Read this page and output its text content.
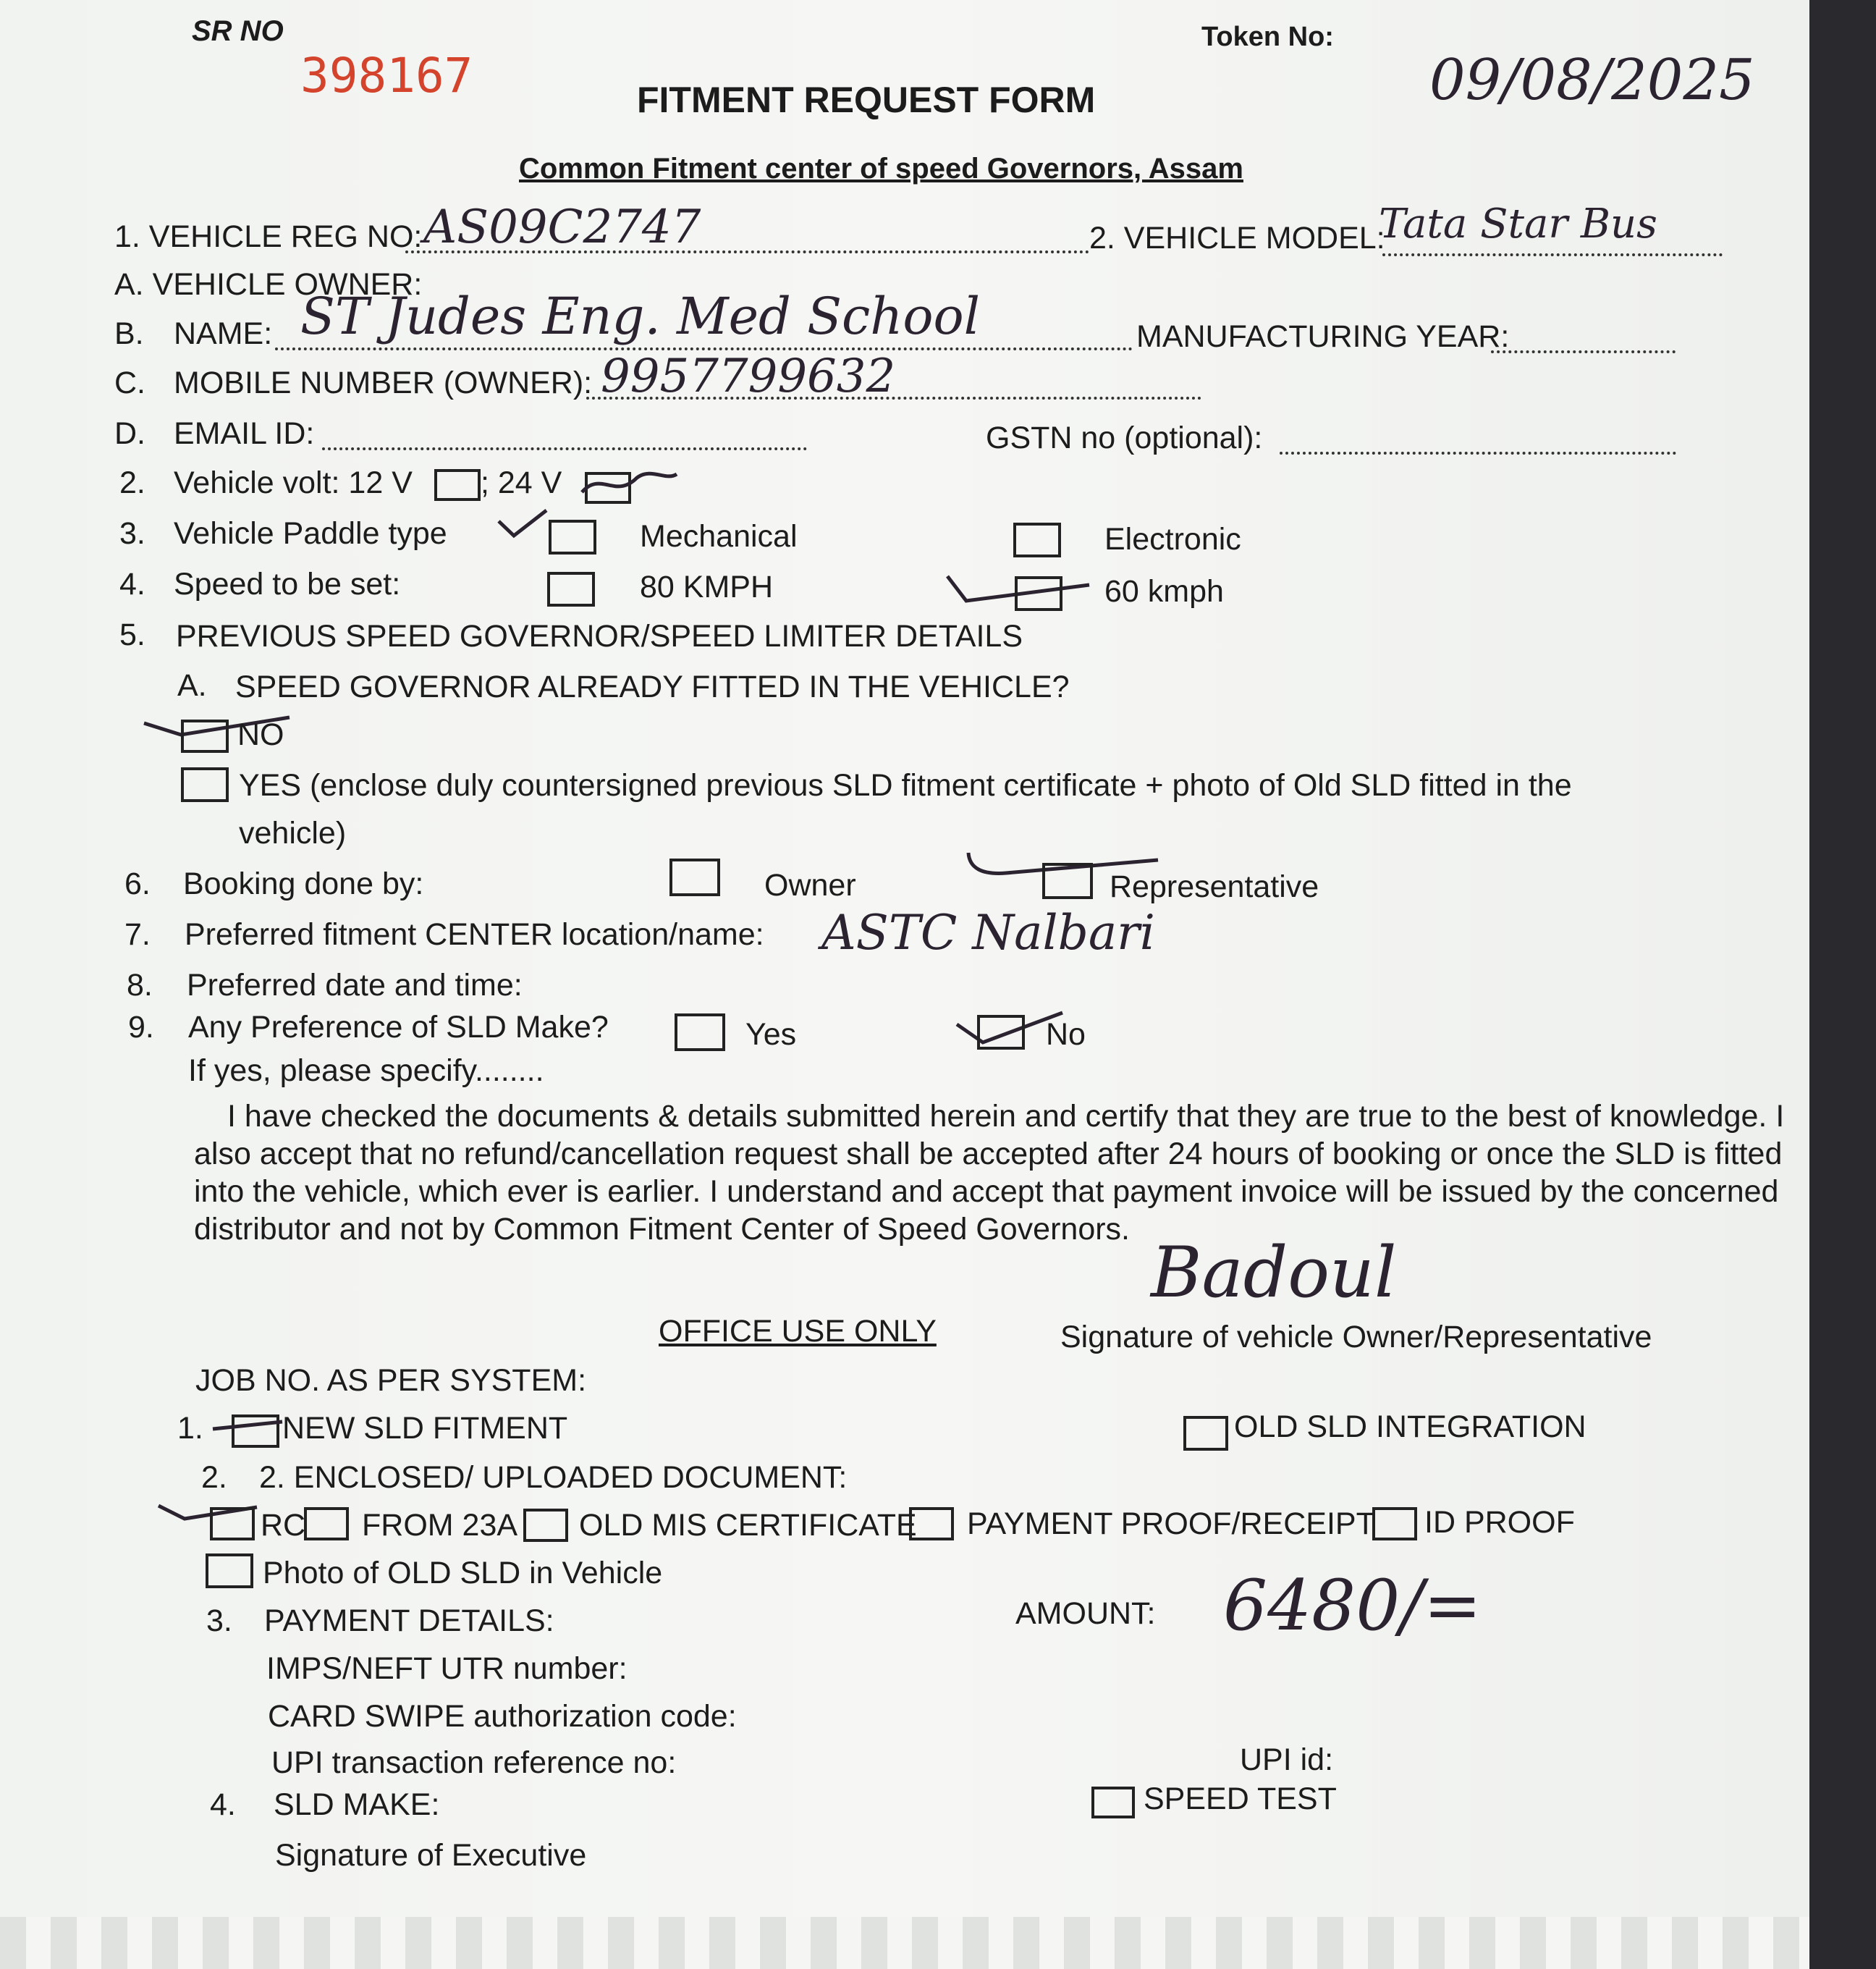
SR NO
398167
Token No:
09/08/2025
FITMENT REQUEST FORM
Common Fitment center of speed Governors, Assam
1. VEHICLE REG NO: AS09C2747	2. VEHICLE MODEL:
Tata Star Bus
A. VEHICLE OWNER:
B. NAME: ST Judes Eng. Med School	MANUFACTURING YEAR:
C. MOBILE NUMBER (OWNER): 9957799632
D. EMAIL ID:	GSTN no (optional):
2. Vehicle volt: 12 V ; 24 V
3. Vehicle Paddle type	Mechanical	Electronic
4. Speed to be set:	80 KMPH	60 kmph
5. PREVIOUS SPEED GOVERNOR/SPEED LIMITER DETAILS
A. SPEED GOVERNOR ALREADY FITTED IN THE VEHICLE?
NO
YES (enclose duly countersigned previous SLD fitment certificate + photo of Old SLD fitted in the
vehicle)
6. Booking done by:	Owner	Representative
7. Preferred fitment CENTER location/name: ASTC Nalbari
8. Preferred date and time:
9. Any Preference of SLD Make?	Yes	No
If yes, please specify........
I have checked the documents & details submitted herein and certify that they are true to the best of knowledge. I also accept that no refund/cancellation request shall be accepted after 24 hours of booking or once the SLD is fitted into the vehicle, which ever is earlier. I understand and accept that payment invoice will be issued by the concerned distributor and not by Common Fitment Center of Speed Governors.
Badoul
Signature of vehicle Owner/Representative
OFFICE USE ONLY
JOB NO. AS PER SYSTEM:
1.	NEW SLD FITMENT	OLD SLD INTEGRATION
2. 2. ENCLOSED/ UPLOADED DOCUMENT:
RC FROM 23A OLD MIS CERTIFICATE PAYMENT PROOF/RECEIPT ID PROOF
Photo of OLD SLD in Vehicle
3. PAYMENT DETAILS:	AMOUNT: 6480/=
IMPS/NEFT UTR number:
CARD SWIPE authorization code:
UPI transaction reference no:	UPI id:
4. SLD MAKE:	SPEED TEST
Signature of Executive
